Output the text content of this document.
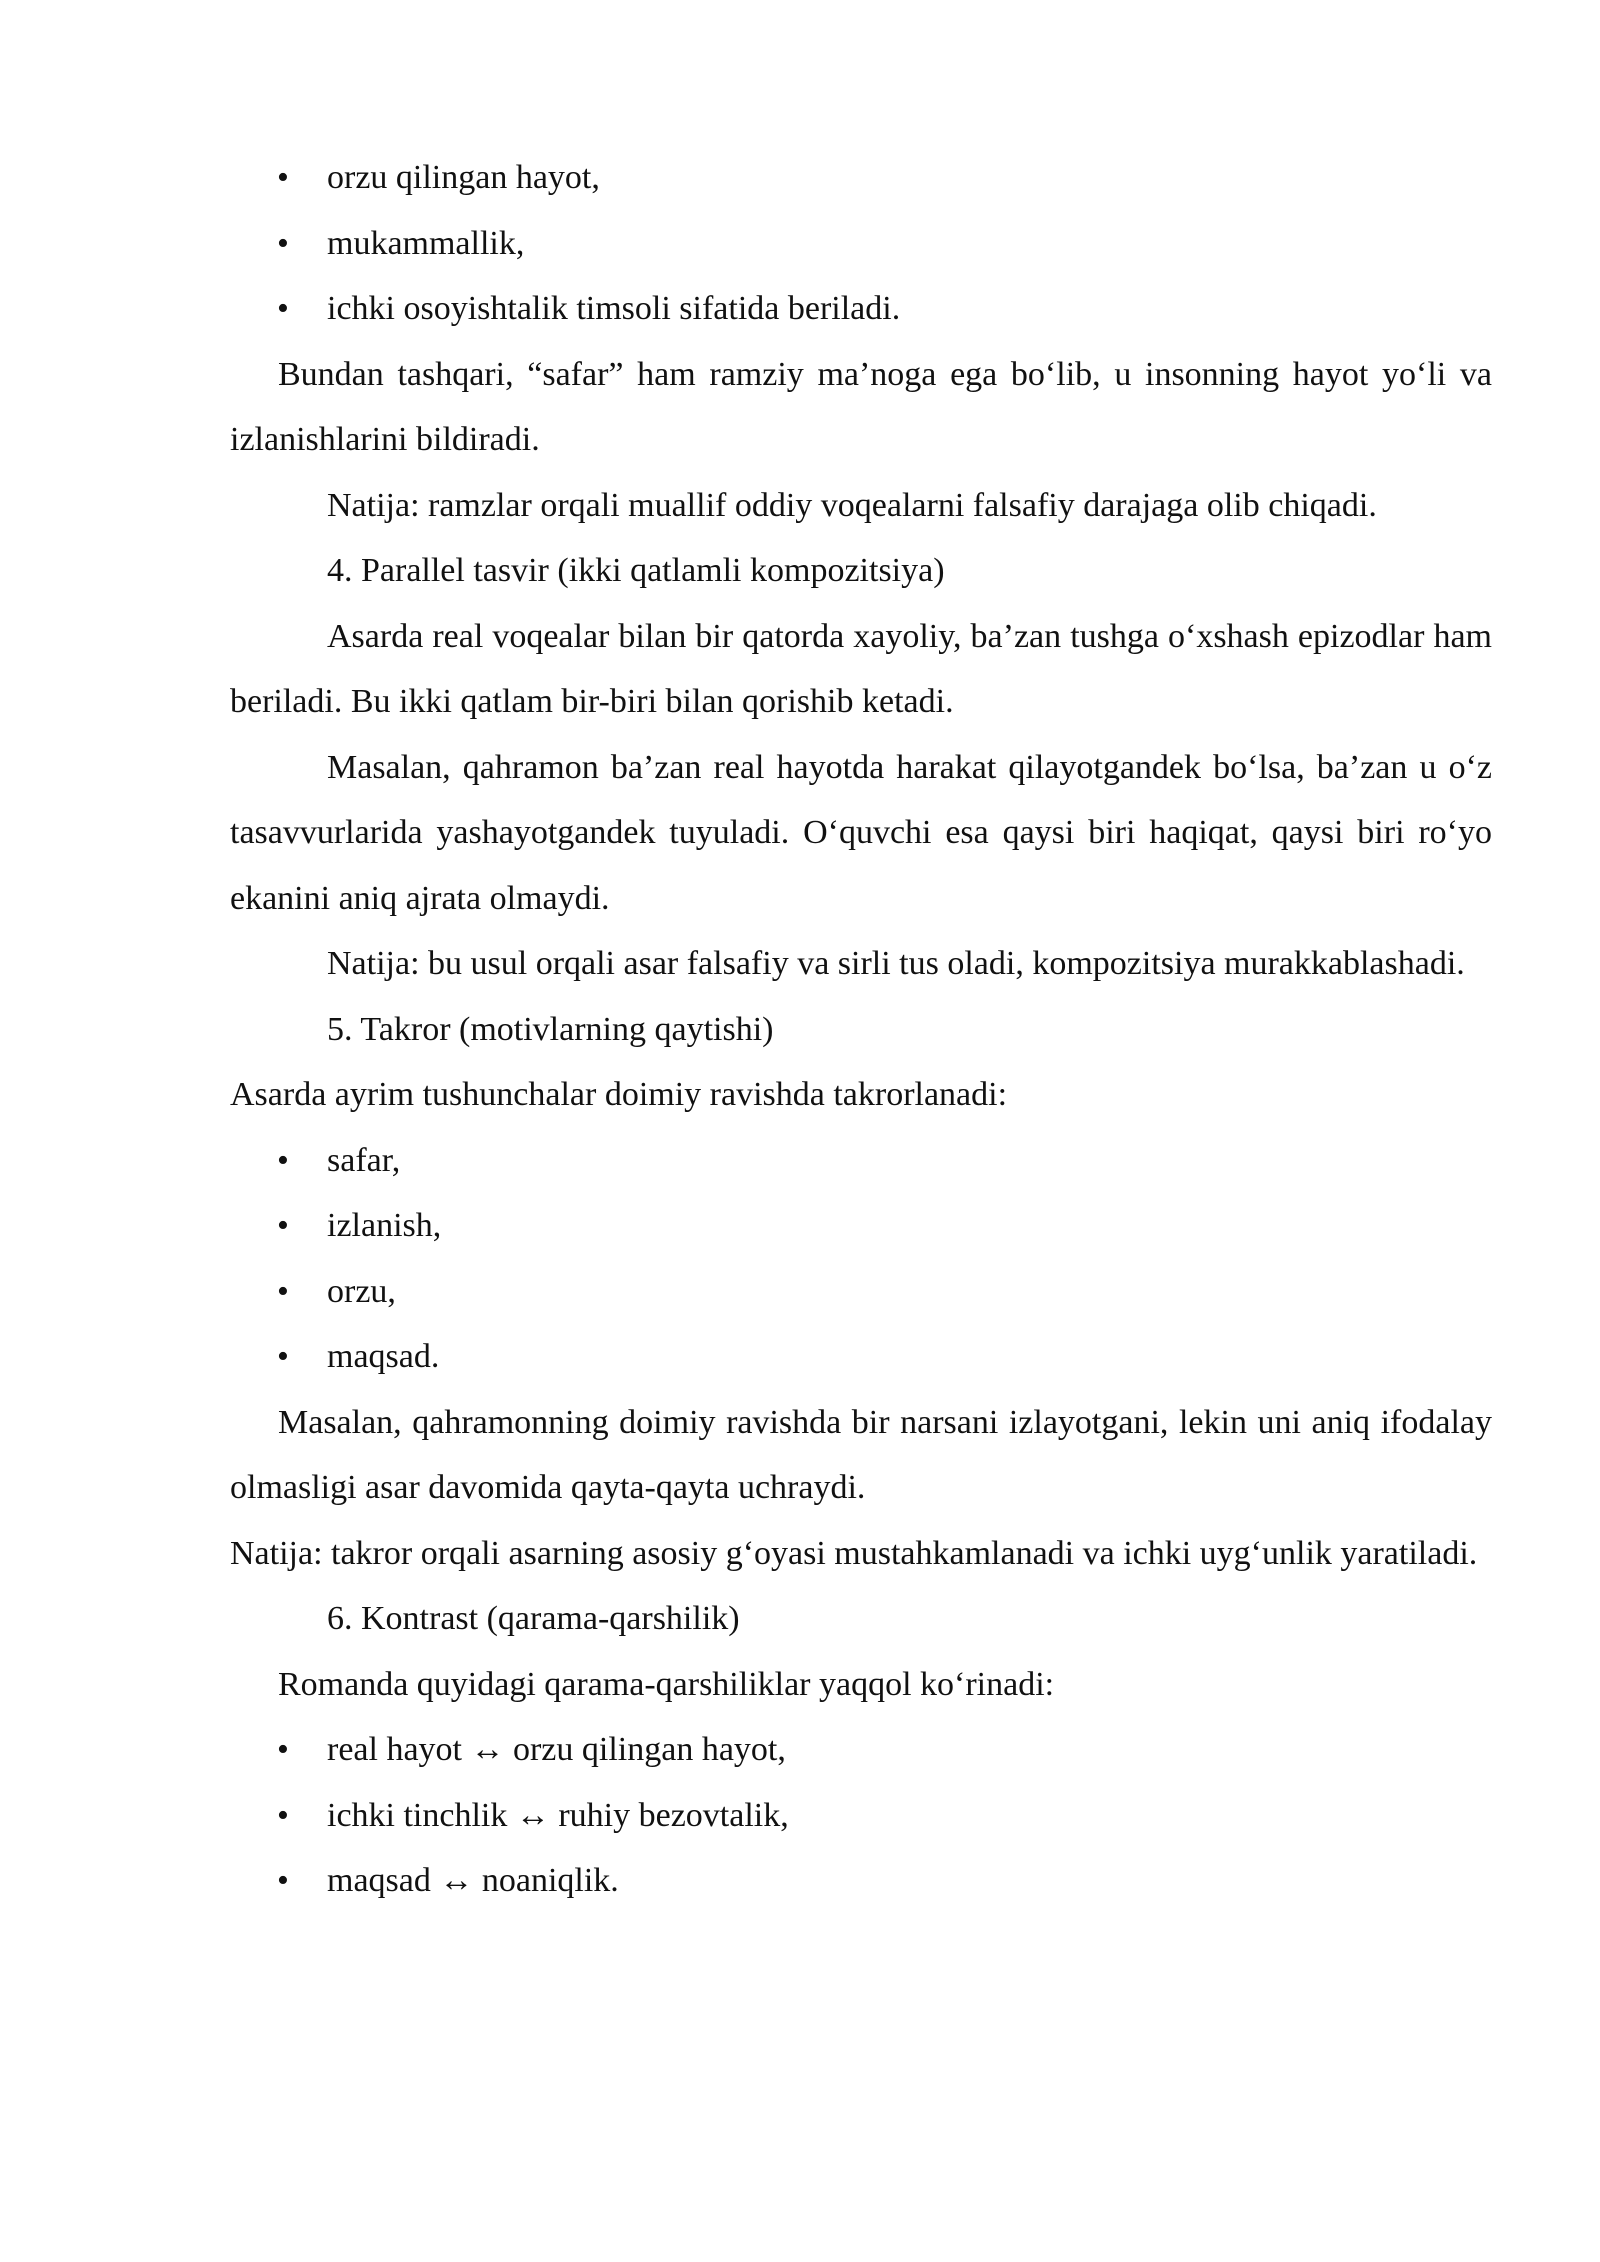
• orzu qilingan hayot,
• mukammallik,
• ichki osoyishtalik timsoli sifatida beriladi.

Bundan tashqari, “safar” ham ramziy ma’noga ega bo‘lib, u insonning hayot yo‘li va izlanishlarini bildiradi.

Natija: ramzlar orqali muallif oddiy voqealarni falsafiy darajaga olib chiqadi.

4. Parallel tasvir (ikki qatlamli kompozitsiya)

Asarda real voqealar bilan bir qatorda xayoliy, ba’zan tushga o‘xshash epizodlar ham beriladi. Bu ikki qatlam bir-biri bilan qorishib ketadi.

Masalan, qahramon ba’zan real hayotda harakat qilayotgandek bo‘lsa, ba’zan u o‘z tasavvurlarida yashayotgandek tuyuladi. O‘quvchi esa qaysi biri haqiqat, qaysi biri ro‘yo ekanini aniq ajrata olmaydi.

Natija: bu usul orqali asar falsafiy va sirli tus oladi, kompozitsiya murakkablashadi.

5. Takror (motivlarning qaytishi)

Asarda ayrim tushunchalar doimiy ravishda takrorlanadi:

• safar,
• izlanish,
• orzu,
• maqsad.

Masalan, qahramonning doimiy ravishda bir narsani izlayotgani, lekin uni aniq ifodalay olmasligi asar davomida qayta-qayta uchraydi.

Natija: takror orqali asarning asosiy g‘oyasi mustahkamlanadi va ichki uyg‘unlik yaratiladi.

6. Kontrast (qarama-qarshilik)

Romanda quyidagi qarama-qarshiliklar yaqqol ko‘rinadi:

• real hayot ↔ orzu qilingan hayot,
• ichki tinchlik ↔ ruhiy bezovtalik,
• maqsad ↔ noaniqlik.
